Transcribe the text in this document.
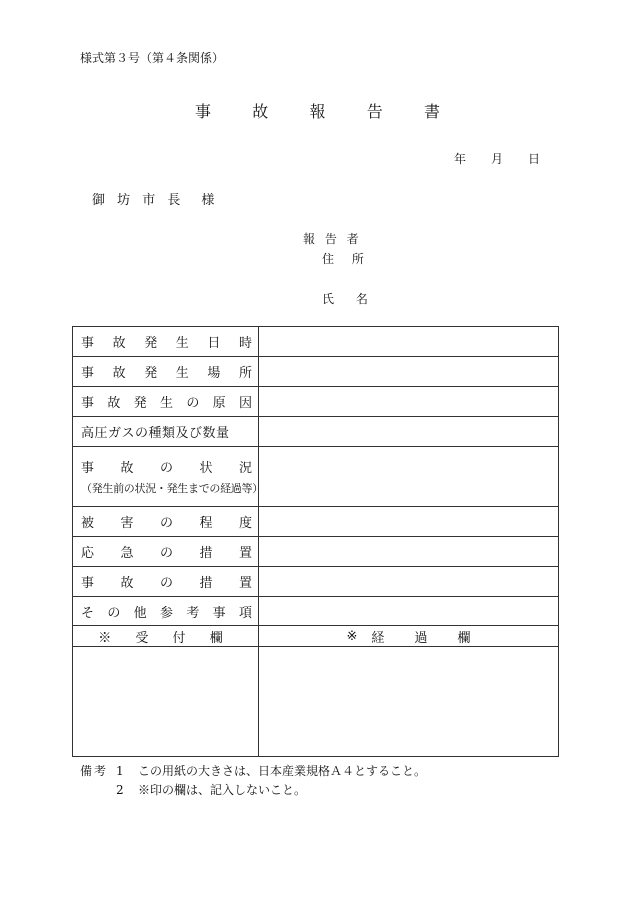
様式第３号（第４条関係）
事	故	報	告	書
年 月 日
御 坊 市 長　様
報 告 者
住 所
氏 名
事 故 発 生 日 時
事 故 発 生 場 所
事 故 発 生 の 原 因
高圧ガスの種類及び数量
事 故 の 状 況
（発生前の状況・発生までの経過等）
被 害 の 程 度
応 急 の 措 置
事 故 の 措 置
そ の 他 参 考 事 項
※ 受 付 欄	※ 経 過 欄
備考 1 この用紙の大きさは、日本産業規格Ａ４とすること。
2 ※印の欄は、記入しないこと。
